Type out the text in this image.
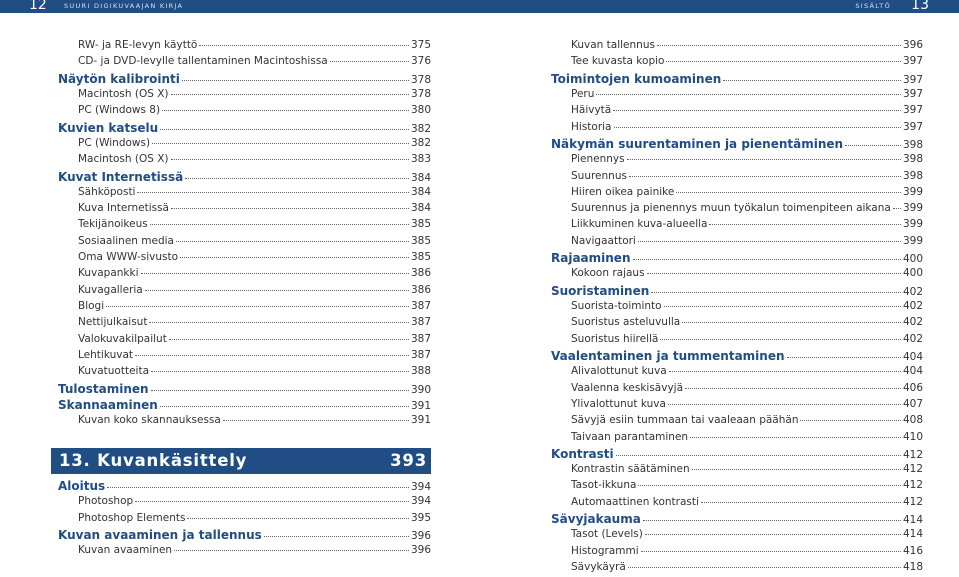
12	SUURI DIGIKUVAAJAN KIRJA	SISÄLTÖ 13
RW- ja RE-levyn käyttö	375
CD- ja DVD-levylle tallentaminen Macintoshissa	376
Näytön kalibrointi	378
Macintosh (OS X)	378
PC (Windows 8)	380
Kuvien katselu	382
PC (Windows)	382
Macintosh (OS X)	383
Kuvat Internetissä	384
Sähköposti	384
Kuva Internetissä	384
Tekijänoikeus	385
Sosiaalinen media	385
Oma WWW-sivusto	385
Kuvapankki	386
Kuvagalleria	386
Blogi	387
Nettijulkaisut	387
Valokuvakilpailut	387
Lehtikuvat	387
Kuvatuotteita	388
Tulostaminen	390
Skannaaminen	391
Kuvan koko skannauksessa	391
13. Kuvankäsittely	393
Aloitus	394
Photoshop	394
Photoshop Elements	395
Kuvan avaaminen ja tallennus	396
Kuvan avaaminen	396
Kuvan tallennus	396
Tee kuvasta kopio	397
Toimintojen kumoaminen	397
Peru	397
Häivytä	397
Historia	397
Näkymän suurentaminen ja pienentäminen	398
Pienennys	398
Suurennus	398
Hiiren oikea painike	399
Suurennus ja pienennys muun työkalun toimenpiteen aikana 399
Liikkuminen kuva-alueella	399
Navigaattori	399
Rajaaminen	400
Kokoon rajaus	400
Suoristaminen	402
Suorista-toiminto	402
Suoristus asteluvulla	402
Suoristus hiirellä	402
Vaalentaminen ja tummentaminen	404
Alivalottunut kuva	404
Vaalenna keskisävyjä	406
Ylivalottunut kuva	407
Sävyjä esiin tummaan tai vaaleaan päähän	408
Taivaan parantaminen	410
Kontrasti	412
Kontrastin säätäminen	412
Tasot-ikkuna	412
Automaattinen kontrasti	412
Sävyjakauma	414
Tasot (Levels)	414
Histogrammi	416
Sävykäyrä	418
